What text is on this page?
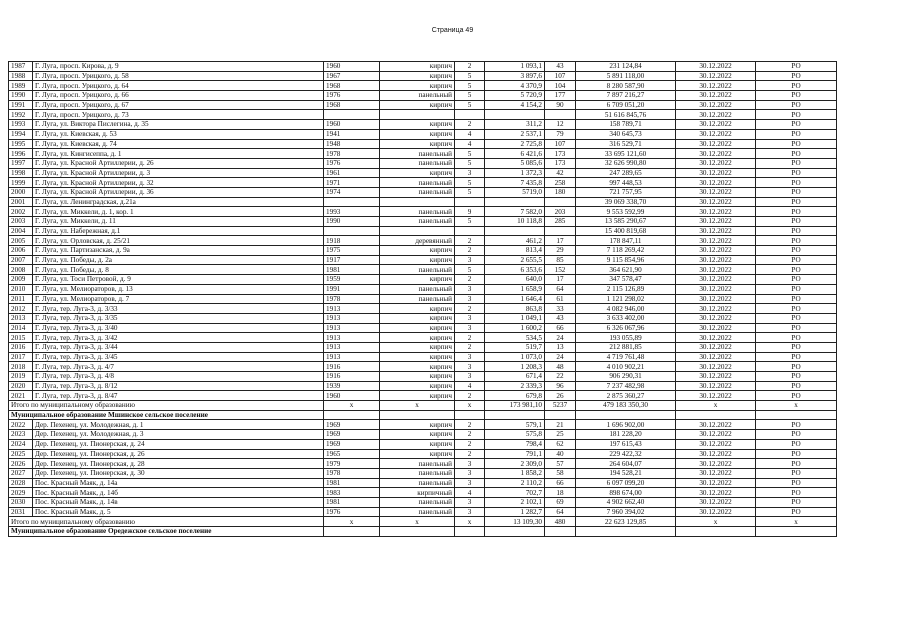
Страница 49
1987	Г. Луга, просп. Кирова, д. 9	1960	кирпич	2	1 093,1	43	231 124,84	30.12.2022	РО
1988	Г. Луга, просп. Урицкого, д. 58	1967	кирпич	5	3 897,6	107	5 891 118,00	30.12.2022	РО
1989	Г. Луга, просп. Урицкого, д. 64	1968	кирпич	5	4 370,9	104	8 280 587,90	30.12.2022	РО
1990	Г. Луга, просп. Урицкого, д. 66	1976	панельный	5	5 720,9	177	7 897 216,27	30.12.2022	РО
1991	Г. Луга, просп. Урицкого, д. 67	1968	кирпич	5	4 154,2	90	6 709 051,20	30.12.2022	РО
1992	Г. Луга, просп. Урицкого, д. 73						51 616 845,76	30.12.2022	РО
1993	Г. Луга, ул. Виктора Пислегина, д. 35	1960	кирпич	2	311,2	12	158 789,71	30.12.2022	РО
1994	Г. Луга, ул. Киевская, д. 53	1941	кирпич	4	2 537,1	79	340 645,73	30.12.2022	РО
1995	Г. Луга, ул. Киевская, д. 74	1948	кирпич	4	2 725,8	107	316 529,71	30.12.2022	РО
1996	Г. Луга, ул. Кингисеппа, д. 1	1978	панельный	5	6 421,6	173	33 695 121,60	30.12.2022	РО
1997	Г. Луга, ул. Красной Артиллерии, д. 26	1976	панельный	5	5 085,6	173	32 626 990,80	30.12.2022	РО
1998	Г. Луга, ул. Красной Артиллерии, д. 3	1961	кирпич	3	1 372,3	42	247 289,65	30.12.2022	РО
1999	Г. Луга, ул. Красной Артиллерии, д. 32	1971	панельный	5	7 435,8	258	997 448,53	30.12.2022	РО
2000	Г. Луга, ул. Красной Артиллерии, д. 36	1974	панельный	5	5719,0	180	721 757,95	30.12.2022	РО
2001	Г. Луга, ул. Ленинградская, д.21а						39 069 338,70	30.12.2022	РО
2002	Г. Луга, ул. Миккели, д. 1, кор. 1	1993	панельный	9	7 582,0	203	9 553 592,99	30.12.2022	РО
2003	Г. Луга, ул. Миккели, д. 11	1990	панельный	5	10 118,8	285	13 585 290,67	30.12.2022	РО
2004	Г. Луга, ул. Набережная, д.1						15 400 819,68	30.12.2022	РО
2005	Г. Луга, ул. Орловская, д. 25/21	1918	деревянный	2	461,2	17	178 847,11	30.12.2022	РО
2006	Г. Луга, ул. Партизанская, д. 9а	1975	кирпич	2	813,4	29	7 118 269,42	30.12.2022	РО
2007	Г. Луга, ул. Победы, д. 2а	1917	кирпич	3	2 655,5	85	9 115 854,96	30.12.2022	РО
2008	Г. Луга, ул. Победы, д. 8	1981	панельный	5	6 353,6	152	364 621,90	30.12.2022	РО
2009	Г. Луга, ул. Тоси Петровой, д. 9	1959	кирпич	2	640,0	17	347 578,47	30.12.2022	РО
2010	Г. Луга, ул. Мелиораторов, д. 13	1991	панельный	3	1 658,9	64	2 115 126,89	30.12.2022	РО
2011	Г. Луга, ул. Мелиораторов, д. 7	1978	панельный	3	1 646,4	61	1 121 298,02	30.12.2022	РО
2012	Г. Луга, тер. Луга-3, д. 3/33	1913	кирпич	2	863,8	33	4 082 946,00	30.12.2022	РО
2013	Г. Луга, тер. Луга-3, д. 3/35	1913	кирпич	3	1 049,1	43	3 633 402,00	30.12.2022	РО
2014	Г. Луга, тер. Луга-3, д. 3/40	1913	кирпич	3	1 600,2	66	6 326 067,96	30.12.2022	РО
2015	Г. Луга, тер. Луга-3, д. 3/42	1913	кирпич	2	534,5	24	193 055,89	30.12.2022	РО
2016	Г. Луга, тер. Луга-3, д. 3/44	1913	кирпич	2	519,7	13	212 881,85	30.12.2022	РО
2017	Г. Луга, тер. Луга-3, д. 3/45	1913	кирпич	3	1 073,0	24	4 719 761,48	30.12.2022	РО
2018	Г. Луга, тер. Луга-3, д. 4/7	1916	кирпич	3	1 208,3	48	4 010 902,21	30.12.2022	РО
2019	Г. Луга, тер. Луга-3, д. 4/8	1916	кирпич	3	671,4	22	906 290,31	30.12.2022	РО
2020	Г. Луга, тер. Луга-3, д. 8/12	1939	кирпич	4	2 339,3	96	7 237 482,98	30.12.2022	РО
2021	Г. Луга, тер. Луга-3, д. 8/47	1960	кирпич	2	679,8	26	2 875 360,27	30.12.2022	РО
Итого по муниципальному образованию		x	x	x	173 981,10	5237	479 183 350,30	x	x
Муниципальное образование Мшинское сельское поселение									
2022	Дер. Пехенец, ул. Молодежная, д. 1	1969	кирпич	2	579,1	21	1 696 902,00	30.12.2022	РО
2023	Дер. Пехенец, ул. Молодежная, д. 3	1969	кирпич	2	575,8	25	181 228,20	30.12.2022	РО
2024	Дер. Пехенец, ул. Пионерская, д. 24	1969	кирпич	2	798,4	62	197 615,43	30.12.2022	РО
2025	Дер. Пехенец, ул. Пионерская, д. 26	1965	кирпич	2	791,1	40	229 422,32	30.12.2022	РО
2026	Дер. Пехенец, ул. Пионерская, д. 28	1979	панельный	3	2 309,0	57	264 604,07	30.12.2022	РО
2027	Дер. Пехенец, ул. Пионерская, д. 30	1978	панельный	3	1 858,2	58	194 528,21	30.12.2022	РО
2028	Пос. Красный Маяк, д. 14а	1981	панельный	3	2 110,2	66	6 097 099,20	30.12.2022	РО
2029	Пос. Красный Маяк, д. 14б	1983	кирпичный	4	702,7	18	898 674,00	30.12.2022	РО
2030	Пос. Красный Маяк, д. 14в	1981	панельный	3	2 102,1	69	4 902 662,40	30.12.2022	РО
2031	Пос. Красный Маяк, д. 5	1976	панельный	3	1 282,7	64	7 960 394,02	30.12.2022	РО
Итого по муниципальному образованию		x	x	x	13 109,30	480	22 623 129,85	x	x
Муниципальное образование Оредежское сельское поселение									
